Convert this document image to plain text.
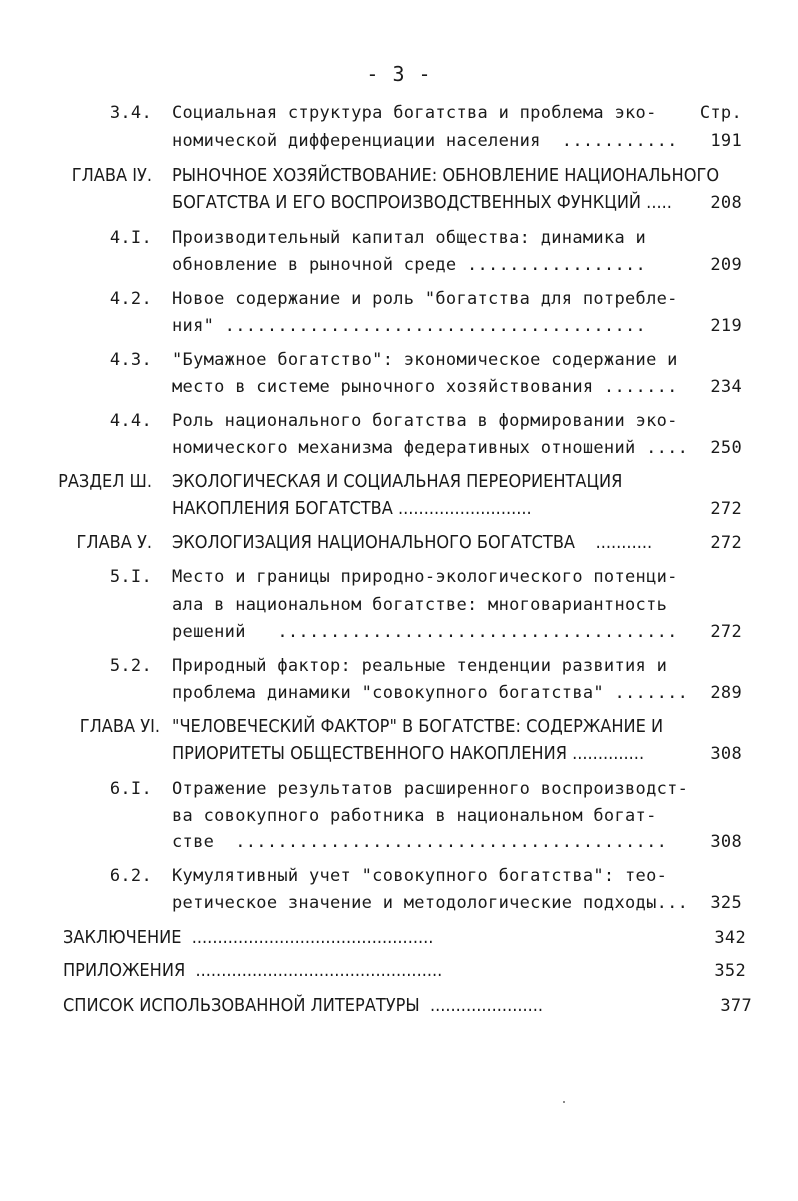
- 3 -
3.4. Социальная структура богатства и проблема эко-	Стр.
номической дифференциации населения  ...........	191
ГЛАВА IУ. РЫНОЧНОЕ ХОЗЯЙСТВОВАНИЕ: ОБНОВЛЕНИЕ НАЦИОНАЛЬНОГО
БОГАТСТВА И ЕГО ВОСПРОИЗВОДСТВЕННЫХ ФУНКЦИЙ .....	208
4.I. Производительный капитал общества: динамика и
обновление в рыночной среде .................	209
4.2. Новое содержание и роль "богатства для потребле-
ния" ........................................	219
4.3. "Бумажное богатство": экономическое содержание и
место в системе рыночного хозяйствования .......	234
4.4. Роль национального богатства в формировании эко-
номического механизма федеративных отношений ....	250
РАЗДЕЛ Ш. ЭКОЛОГИЧЕСКАЯ И СОЦИАЛЬНАЯ ПЕРЕОРИЕНТАЦИЯ
НАКОПЛЕНИЯ БОГАТСТВА ..........................	272
ГЛАВА У. ЭКОЛОГИЗАЦИЯ НАЦИОНАЛЬНОГО БОГАТСТВА    ...........	272
5.I. Место и границы природно-экологического потенци-
ала в национальном богатстве: многовариантность
решений   ......................................	272
5.2. Природный фактор: реальные тенденции развития и
проблема динамики "совокупного богатства" .......	289
ГЛАВА УI. "ЧЕЛОВЕЧЕСКИЙ ФАКТОР" В БОГАТСТВЕ: СОДЕРЖАНИЕ И
ПРИОРИТЕТЫ ОБЩЕСТВЕННОГО НАКОПЛЕНИЯ ..............	308
6.I. Отражение результатов расширенного воспроизводст-
ва совокупного работника в национальном богат-
стве  .........................................	308
6.2. Кумулятивный учет "совокупного богатства": тео-
ретическое значение и методологические подходы...	325
ЗАКЛЮЧЕНИЕ  ...............................................	342
ПРИЛОЖЕНИЯ  ................................................	352
СПИСОК ИСПОЛЬЗОВАННОЙ ЛИТЕРАТУРЫ  ......................	377
